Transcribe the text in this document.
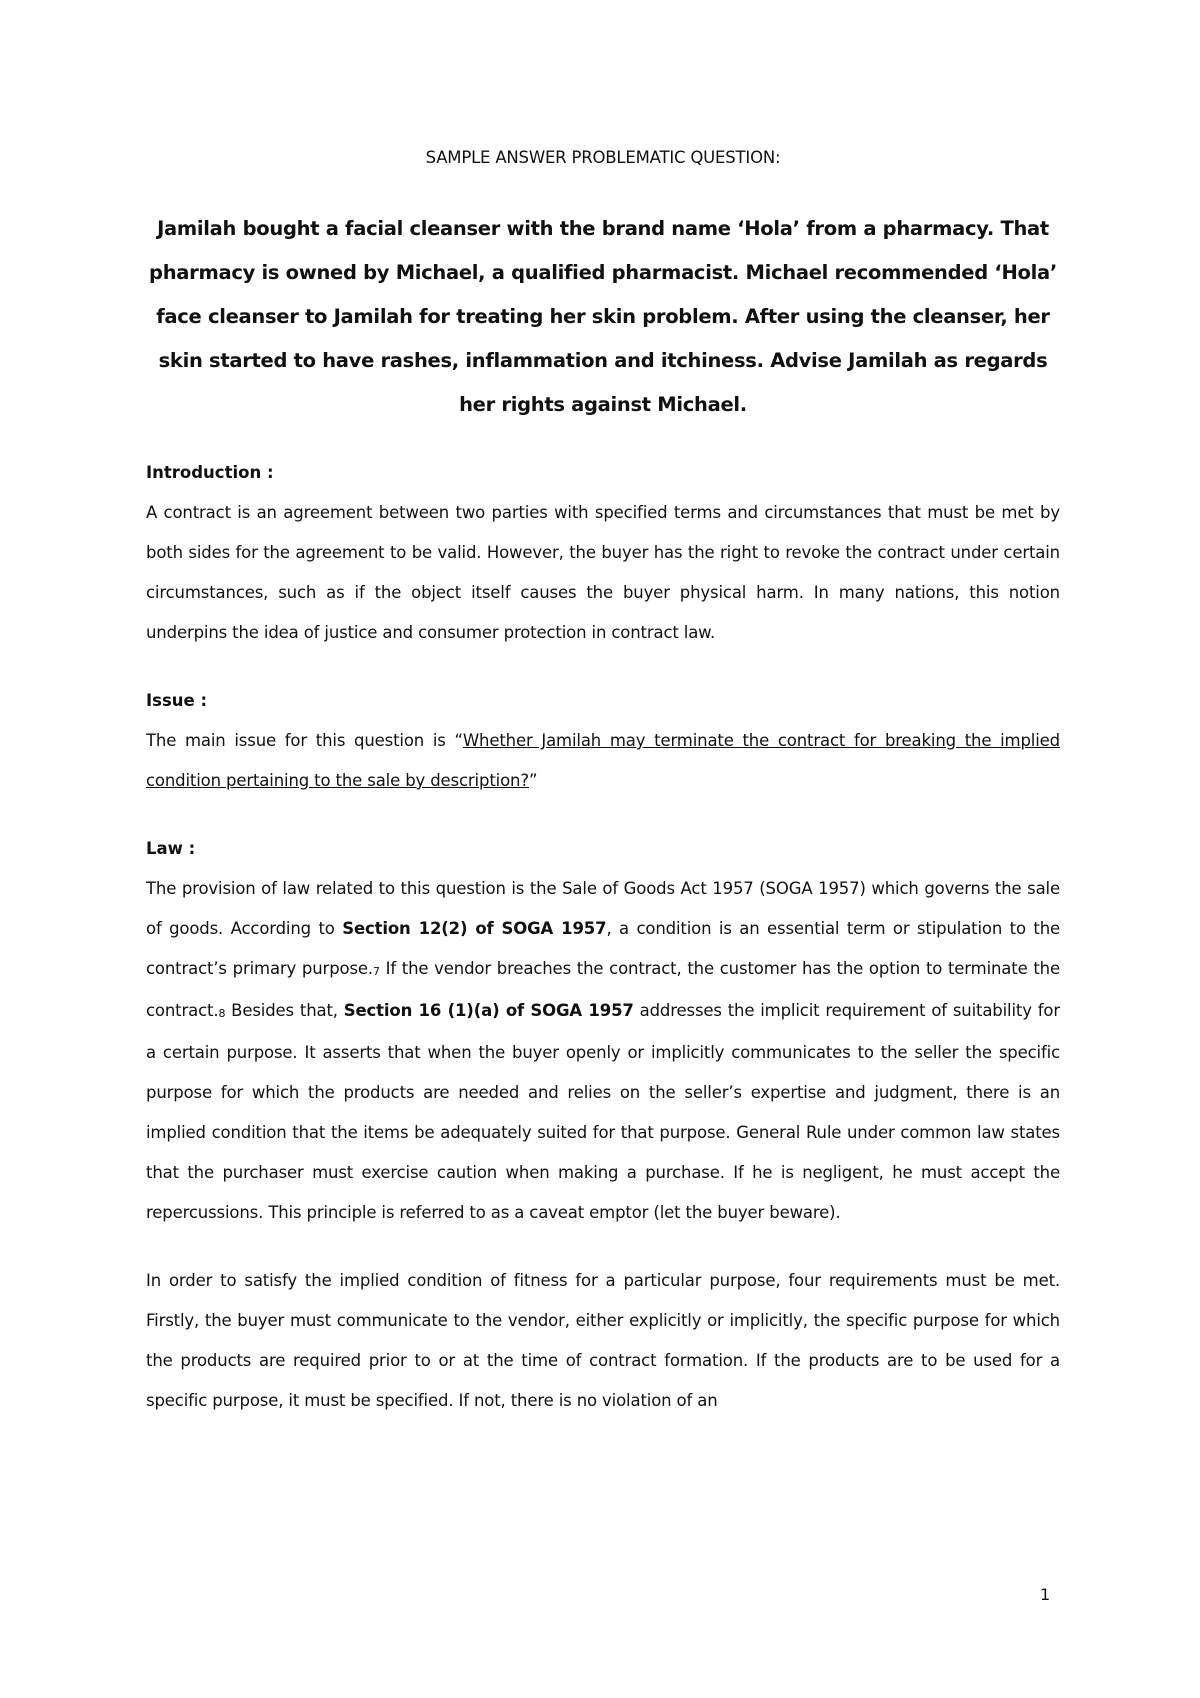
SAMPLE ANSWER PROBLEMATIC QUESTION:

Jamilah bought a facial cleanser with the brand name ‘Hola’ from a pharmacy. That pharmacy is owned by Michael, a qualified pharmacist. Michael recommended ‘Hola’ face cleanser to Jamilah for treating her skin problem. After using the cleanser, her skin started to have rashes, inflammation and itchiness. Advise Jamilah as regards her rights against Michael.

Introduction :

A contract is an agreement between two parties with specified terms and circumstances that must be met by both sides for the agreement to be valid. However, the buyer has the right to revoke the contract under certain circumstances, such as if the object itself causes the buyer physical harm. In many nations, this notion underpins the idea of justice and consumer protection in contract law.

Issue :

The main issue for this question is “Whether Jamilah may terminate the contract for breaking the implied condition pertaining to the sale by description?”

Law :

The provision of law related to this question is the Sale of Goods Act 1957 (SOGA 1957) which governs the sale of goods. According to Section 12(2) of SOGA 1957, a condition is an essential term or stipulation to the contract’s primary purpose.$^7$ If the vendor breaches the contract, the customer has the option to terminate the contract.$^8$ Besides that, Section 16 (1)(a) of SOGA 1957 addresses the implicit requirement of suitability for a certain purpose. It asserts that when the buyer openly or implicitly communicates to the seller the specific purpose for which the products are needed and relies on the seller’s expertise and judgment, there is an implied condition that the items be adequately suited for that purpose. General Rule under common law states that the purchaser must exercise caution when making a purchase. If he is negligent, he must accept the repercussions. This principle is referred to as a caveat emptor (let the buyer beware).

In order to satisfy the implied condition of fitness for a particular purpose, four requirements must be met. Firstly, the buyer must communicate to the vendor, either explicitly or implicitly, the specific purpose for which the products are required prior to or at the time of contract formation. If the products are to be used for a specific purpose, it must be specified. If not, there is no violation of an

1
